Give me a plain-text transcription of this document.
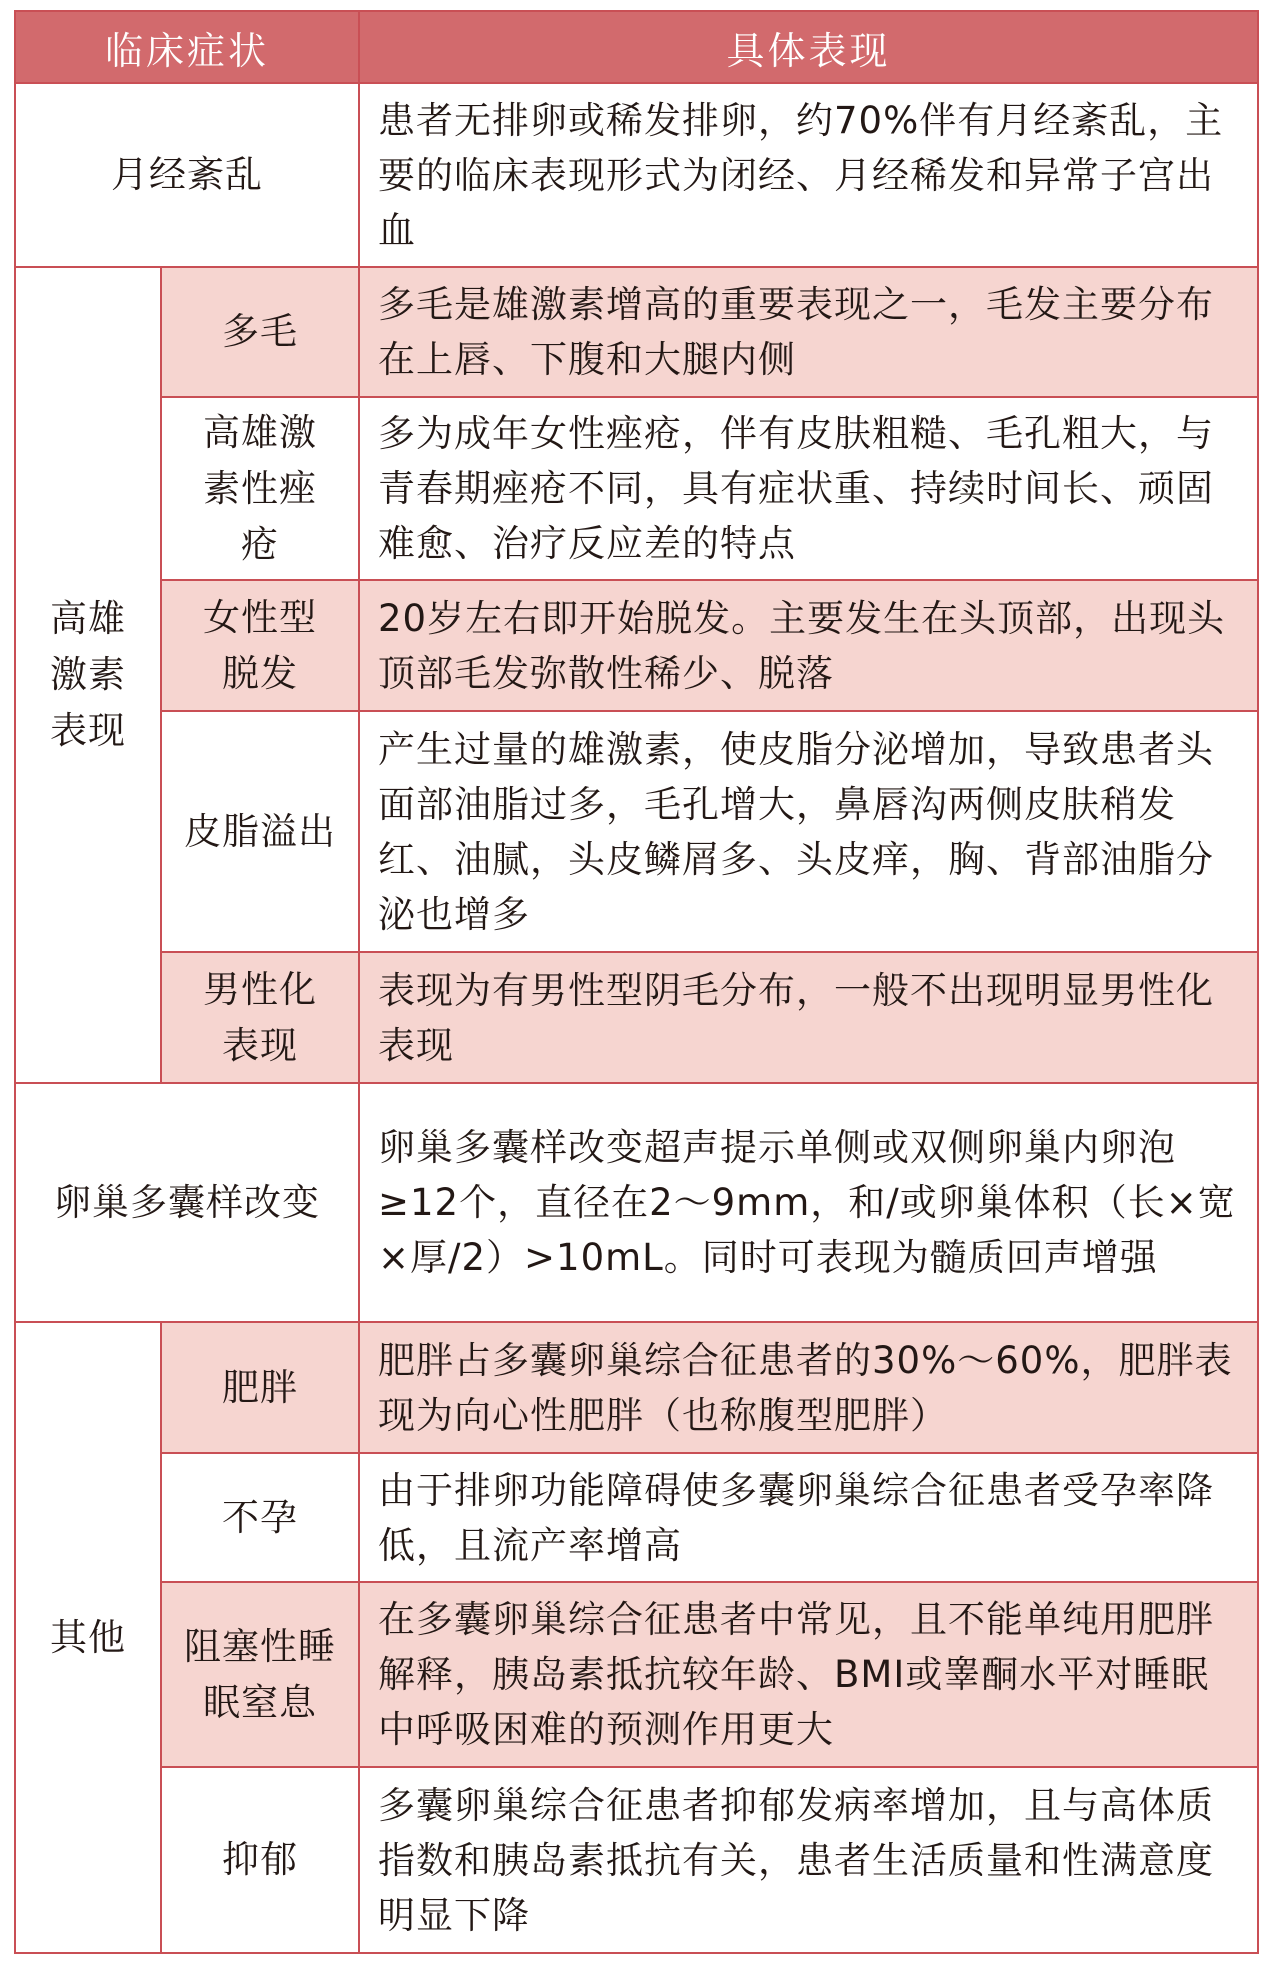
临床症状		具体表现
月经紊乱		患者无排卵或稀发排卵，约70%伴有月经紊乱，主要的临床表现形式为闭经、月经稀发和异常子宫出血

高雄激素表现	多毛	多毛是雄激素增高的重要表现之一，毛发主要分布在上唇、下腹和大腿内侧

	高雄激素性痤疮	多为成年女性痤疮，伴有皮肤粗糙、毛孔粗大，与青春期痤疮不同，具有症状重、持续时间长、顽固难愈、治疗反应差的特点

	女性型脱发	20岁左右即开始脱发。主要发生在头顶部，出现头顶部毛发弥散性稀少、脱落
	皮脂溢出	产生过量的雄激素，使皮脂分泌增加，导致患者头面部油脂过多，毛孔增大，鼻唇沟两侧皮肤稍发红、油腻，头皮鳞屑多、头皮痒，胸、背部油脂分泌也增多

	男性化表现	表现为有男性型阴毛分布，一般不出现明显男性化表现
卵巢多囊样改变		卵巢多囊样改变超声提示单侧或双侧卵巢内卵泡≥12个，直径在2～9mm，和/或卵巢体积（长×宽×厚/2）>10mL。同时可表现为髓质回声增强
其他	肥胖	肥胖占多囊卵巢综合征患者的30%～60%，肥胖表现为向心性肥胖（也称腹型肥胖）
	不孕	由于排卵功能障碍使多囊卵巢综合征患者受孕率降低，且流产率增高

	阻塞性睡眠窒息	在多囊卵巢综合征患者中常见，且不能单纯用肥胖解释，胰岛素抵抗较年龄、BMI或睾酮水平对睡眠中呼吸困难的预测作用更大
	抑郁	多囊卵巢综合征患者抑郁发病率增加，且与高体质指数和胰岛素抵抗有关，患者生活质量和性满意度明显下降
